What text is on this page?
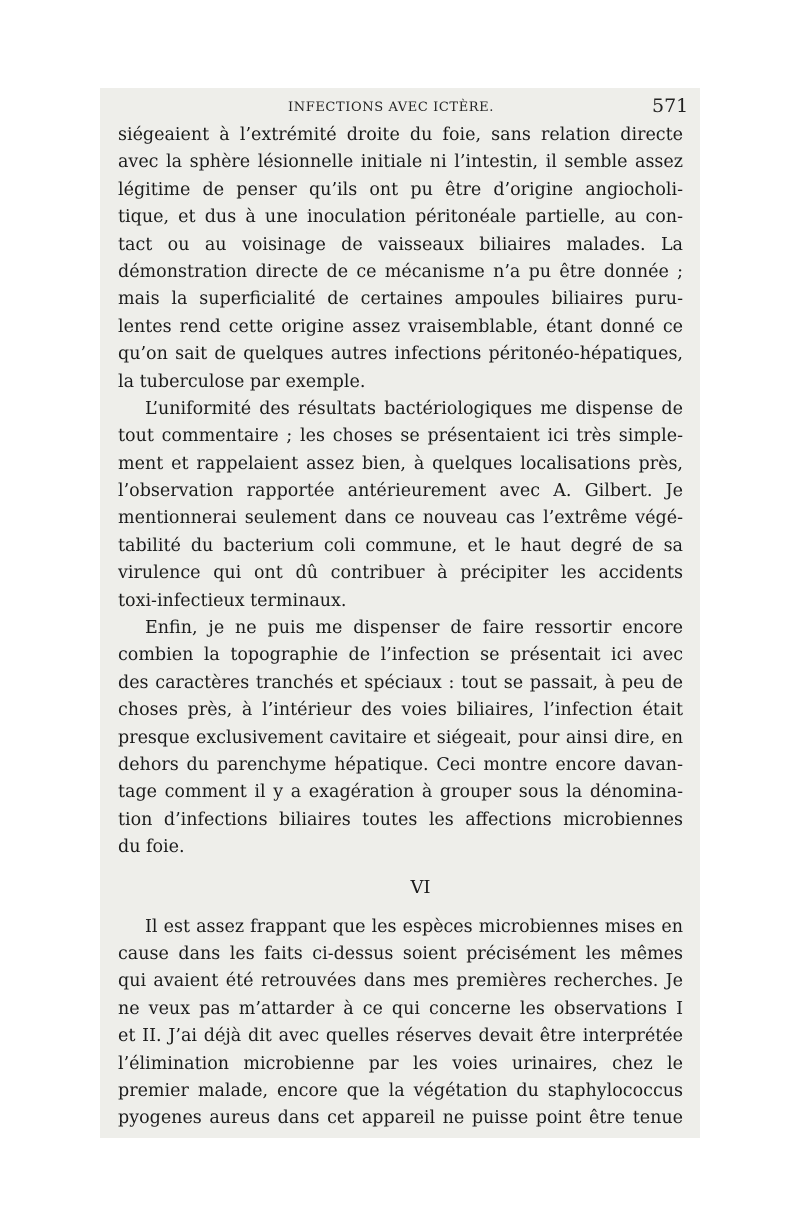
INFECTIONS AVEC ICTÈRE.	571
siégeaient à l’extrémité droite du foie, sans relation directe
avec la sphère lésionnelle initiale ni l’intestin, il semble assez
légitime de penser qu’ils ont pu être d’origine angiocholi-
tique, et dus à une inoculation péritonéale partielle, au con-
tact ou au voisinage de vaisseaux biliaires malades. La
démonstration directe de ce mécanisme n’a pu être donnée ;
mais la superficialité de certaines ampoules biliaires puru-
lentes rend cette origine assez vraisemblable, étant donné ce
qu’on sait de quelques autres infections péritonéo-hépatiques,
la tuberculose par exemple.
L’uniformité des résultats bactériologiques me dispense de
tout commentaire ; les choses se présentaient ici très simple-
ment et rappelaient assez bien, à quelques localisations près,
l’observation rapportée antérieurement avec A. Gilbert. Je
mentionnerai seulement dans ce nouveau cas l’extrême végé-
tabilité du bacterium coli commune, et le haut degré de sa
virulence qui ont dû contribuer à précipiter les accidents
toxi-infectieux terminaux.
Enfin, je ne puis me dispenser de faire ressortir encore
combien la topographie de l’infection se présentait ici avec
des caractères tranchés et spéciaux : tout se passait, à peu de
choses près, à l’intérieur des voies biliaires, l’infection était
presque exclusivement cavitaire et siégeait, pour ainsi dire, en
dehors du parenchyme hépatique. Ceci montre encore davan-
tage comment il y a exagération à grouper sous la dénomina-
tion d’infections biliaires toutes les affections microbiennes
du foie.
VI
Il est assez frappant que les espèces microbiennes mises en
cause dans les faits ci-dessus soient précisément les mêmes
qui avaient été retrouvées dans mes premières recherches. Je
ne veux pas m’attarder à ce qui concerne les observations I
et II. J’ai déjà dit avec quelles réserves devait être interprétée
l’élimination microbienne par les voies urinaires, chez le
premier malade, encore que la végétation du staphylococcus
pyogenes aureus dans cet appareil ne puisse point être tenue
